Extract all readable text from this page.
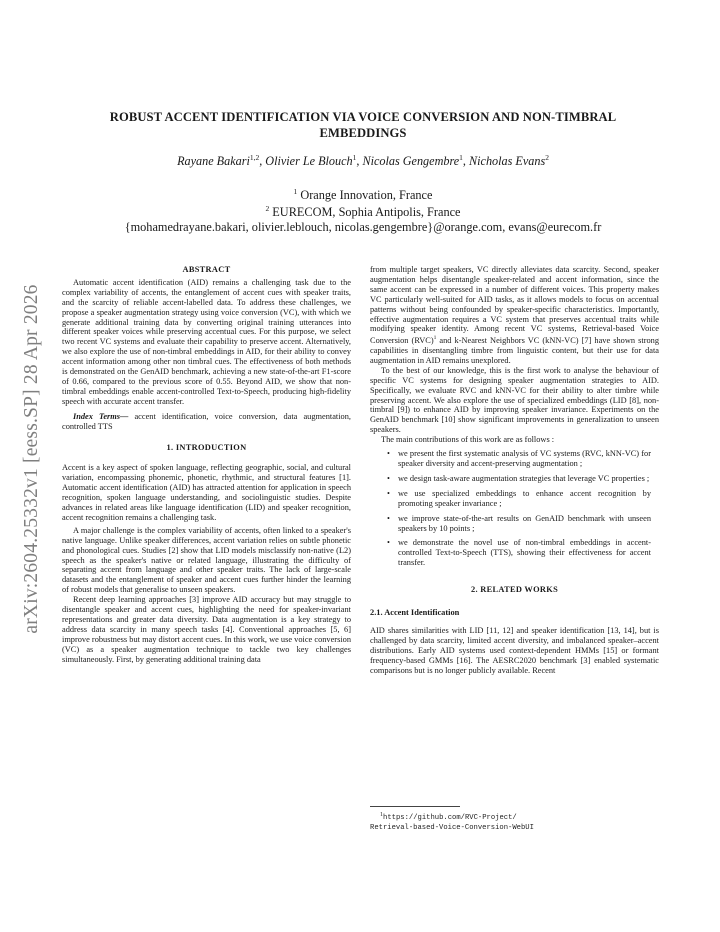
arXiv:2604.25332v1 [eess.SP] 28 Apr 2026
ROBUST ACCENT IDENTIFICATION VIA VOICE CONVERSION AND NON-TIMBRAL
EMBEDDINGS
Rayane Bakari$^{1,2}$, Olivier Le Blouch$^1$, Nicolas Gengembre$^1$, Nicholas Evans$^2$
$^1$ Orange Innovation, France
$^2$ EURECOM, Sophia Antipolis, France
{mohamedrayane.bakari, olivier.leblouch, nicolas.gengembre}@orange.com, evans@eurecom.fr
ABSTRACT

Automatic accent identification (AID) remains a challenging task due to the complex variability of accents, the entanglement of accent cues with speaker traits, and the scarcity of reliable accent-labelled data. To address these challenges, we propose a speaker augmentation strategy using voice conversion (VC), with which we generate additional training data by converting original training utterances into different speaker voices while preserving accentual cues. For this purpose, we select two recent VC systems and evaluate their capability to preserve accent. Alternatively, we also explore the use of non-timbral embeddings in AID, for their ability to convey accent information among other non timbral cues. The effectiveness of both methods is demonstrated on the GenAID benchmark, achieving a new state-of-the-art F1-score of 0.66, compared to the previous score of 0.55. Beyond AID, we show that non-timbral embeddings enable accent-controlled Text-to-Speech, producing high-fidelity speech with accurate accent transfer.

Index Terms— accent identification, voice conversion, data augmentation, controlled TTS

1. INTRODUCTION

Accent is a key aspect of spoken language, reflecting geographic, social, and cultural variation, encompassing phonemic, phonetic, rhythmic, and structural features [1]. Automatic accent identification (AID) has attracted attention for application in speech recognition, spoken language understanding, and sociolinguistic studies. Despite advances in related areas like language identification (LID) and speaker recognition, accent recognition remains a challenging task.

A major challenge is the complex variability of accents, often linked to a speaker's native language. Unlike speaker differences, accent variation relies on subtle phonetic and phonological cues. Studies [2] show that LID models misclassify non-native (L2) speech as the speaker's native or related language, illustrating the difficulty of separating accent from language and other speaker traits. The lack of large-scale datasets and the entanglement of speaker and accent cues further hinder the learning of robust models that generalise to unseen speakers.

Recent deep learning approaches [3] improve AID accuracy but may struggle to disentangle speaker and accent cues, highlighting the need for speaker-invariant representations and greater data diversity. Data augmentation is a key strategy to address data scarcity in many speech tasks [4]. Conventional approaches [5, 6] improve robustness but may distort accent cues. In this work, we use voice conversion (VC) as a speaker augmentation technique to tackle two key challenges simultaneously. First, by generating additional training data

from multiple target speakers, VC directly alleviates data scarcity. Second, speaker augmentation helps disentangle speaker-related and accent information, since the same accent can be expressed in a number of different voices. This property makes VC particularly well-suited for AID tasks, as it allows models to focus on accentual patterns without being confounded by speaker-specific characteristics. Importantly, effective augmentation requires a VC system that preserves accentual traits while modifying speaker identity. Among recent VC systems, Retrieval-based Voice Conversion (RVC)$^1$ and k-Nearest Neighbors VC (kNN-VC) [7] have shown strong capabilities in disentangling timbre from linguistic content, but their use for data augmentation in AID remains unexplored.

To the best of our knowledge, this is the first work to analyse the behaviour of specific VC systems for designing speaker augmentation strategies to AID. Specifically, we evaluate RVC and kNN-VC for their ability to alter timbre while preserving accent. We also explore the use of specialized embeddings (LID [8], non-timbral [9]) to enhance AID by improving speaker invariance. Experiments on the GenAID benchmark [10] show significant improvements in generalization to unseen speakers.

The main contributions of this work are as follows :

• we present the first systematic analysis of VC systems (RVC, kNN-VC) for speaker diversity and accent-preserving augmentation ;
• we design task-aware augmentation strategies that leverage VC properties ;
• we use specialized embeddings to enhance accent recognition by promoting speaker invariance ;
• we improve state-of-the-art results on GenAID benchmark with unseen speakers by 10 points ;
• we demonstrate the novel use of non-timbral embeddings in accent-controlled Text-to-Speech (TTS), showing their effectiveness for accent transfer.
2. RELATED WORKS
2.1. Accent Identification

AID shares similarities with LID [11, 12] and speaker identification [13, 14], but is challenged by data scarcity, limited accent diversity, and imbalanced speaker–accent distributions. Early AID systems used context-dependent HMMs [15] or formant frequency-based GMMs [16]. The AESRC2020 benchmark [3] enabled systematic comparisons but is no longer publicly available. Recent

$^1$https://github.com/RVC-Project/
Retrieval-based-Voice-Conversion-WebUI
